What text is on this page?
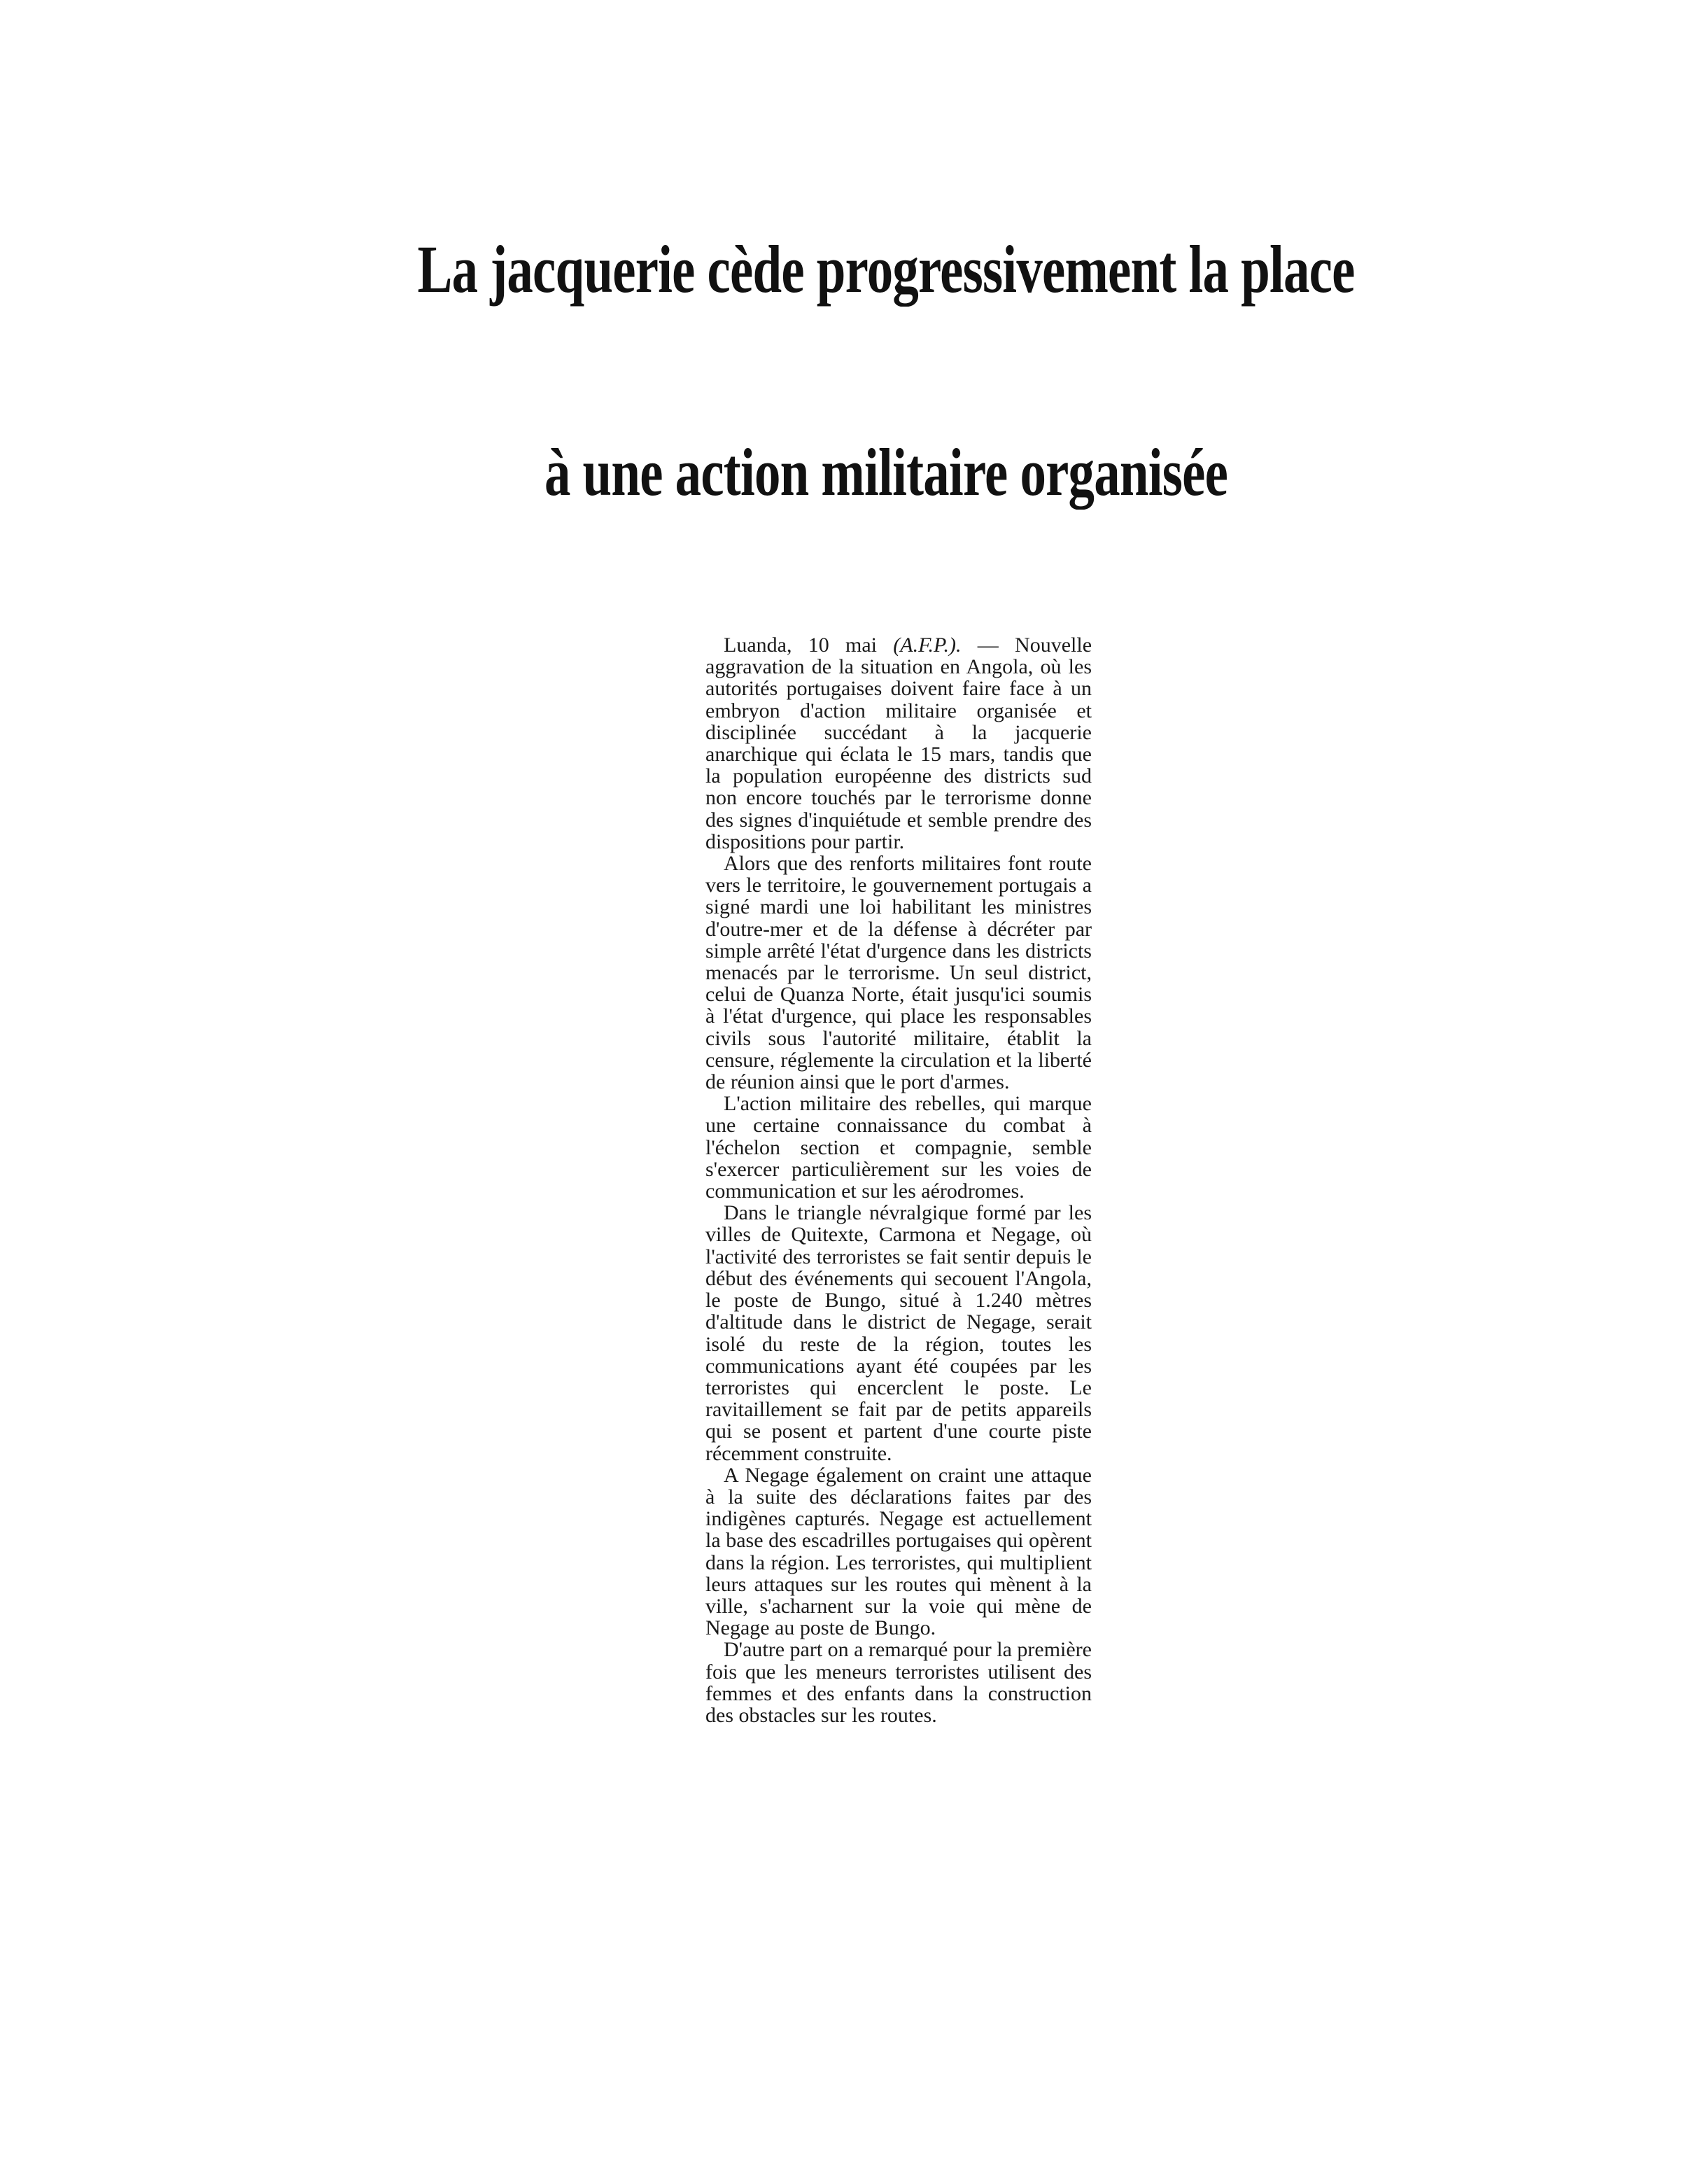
La jacquerie cède progressivement la place
à une action militaire organisée

Luanda, 10 mai (A.F.P.). — Nouvelle aggravation de la situation en Angola, où les autorités portugaises doivent faire face à un embryon d'action militaire organisée et disciplinée succédant à la jacquerie anarchique qui éclata le 15 mars, tandis que la population européenne des districts sud non encore touchés par le terrorisme donne des signes d'inquiétude et semble prendre des dispositions pour partir.

Alors que des renforts militaires font route vers le territoire, le gouvernement portugais a signé mardi une loi habilitant les ministres d'outre-mer et de la défense à décréter par simple arrêté l'état d'urgence dans les districts menacés par le terrorisme. Un seul district, celui de Quanza Norte, était jusqu'ici soumis à l'état d'urgence, qui place les responsables civils sous l'autorité militaire, établit la censure, réglemente la circulation et la liberté de réunion ainsi que le port d'armes.

L'action militaire des rebelles, qui marque une certaine connaissance du combat à l'échelon section et compagnie, semble s'exercer particulièrement sur les voies de communication et sur les aérodromes.

Dans le triangle névralgique formé par les villes de Quitexte, Carmona et Negage, où l'activité des terroristes se fait sentir depuis le début des événements qui secouent l'Angola, le poste de Bungo, situé à 1.240 mètres d'altitude dans le district de Negage, serait isolé du reste de la région, toutes les communications ayant été coupées par les terroristes qui encerclent le poste. Le ravitaillement se fait par de petits appareils qui se posent et partent d'une courte piste récemment construite.

A Negage également on craint une attaque à la suite des déclarations faites par des indigènes capturés. Negage est actuellement la base des escadrilles portugaises qui opèrent dans la région. Les terroristes, qui multiplient leurs attaques sur les routes qui mènent à la ville, s'acharnent sur la voie qui mène de Negage au poste de Bungo.

D'autre part on a remarqué pour la première fois que les meneurs terroristes utilisent des femmes et des enfants dans la construction des obstacles sur les routes.
